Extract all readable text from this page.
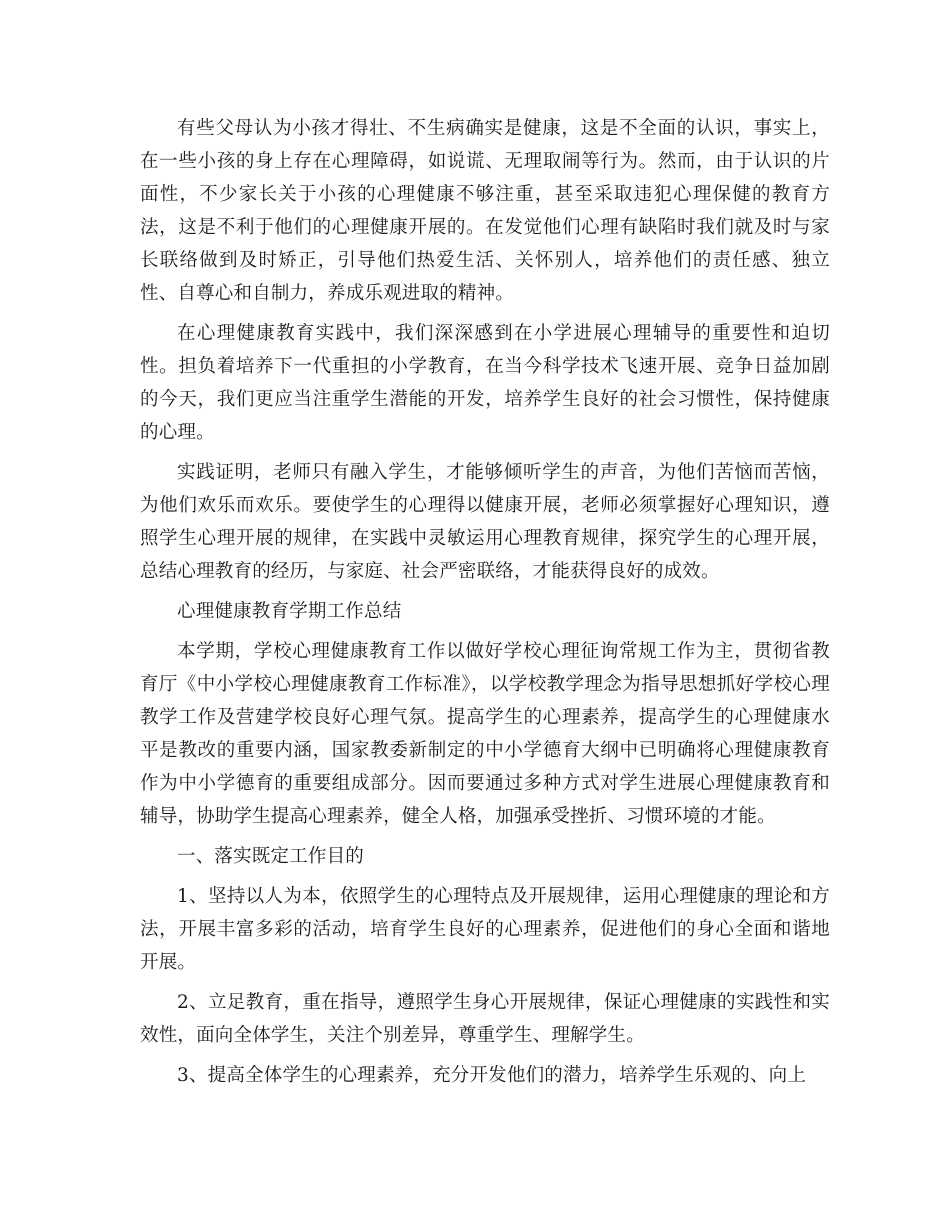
有些父母认为小孩才得壮、不生病确实是健康，这是不全面的认识，事实上，在一些小孩的身上存在心理障碍，如说谎、无理取闹等行为。然而，由于认识的片面性，不少家长关于小孩的心理健康不够注重，甚至采取违犯心理保健的教育方法，这是不利于他们的心理健康开展的。在发觉他们心理有缺陷时我们就及时与家长联络做到及时矫正，引导他们热爱生活、关怀别人，培养他们的责任感、独立性、自尊心和自制力，养成乐观进取的精神。

在心理健康教育实践中，我们深深感到在小学进展心理辅导的重要性和迫切性。担负着培养下一代重担的小学教育，在当今科学技术飞速开展、竞争日益加剧的今天，我们更应当注重学生潜能的开发，培养学生良好的社会习惯性，保持健康的心理。

实践证明，老师只有融入学生，才能够倾听学生的声音，为他们苦恼而苦恼，为他们欢乐而欢乐。要使学生的心理得以健康开展，老师必须掌握好心理知识，遵照学生心理开展的规律，在实践中灵敏运用心理教育规律，探究学生的心理开展，总结心理教育的经历，与家庭、社会严密联络，才能获得良好的成效。

心理健康教育学期工作总结

本学期，学校心理健康教育工作以做好学校心理征询常规工作为主，贯彻省教育厅《中小学校心理健康教育工作标准》，以学校教学理念为指导思想抓好学校心理教学工作及营建学校良好心理气氛。提高学生的心理素养，提高学生的心理健康水平是教改的重要内涵，国家教委新制定的中小学德育大纲中已明确将心理健康教育作为中小学德育的重要组成部分。因而要通过多种方式对学生进展心理健康教育和辅导，协助学生提高心理素养，健全人格，加强承受挫折、习惯环境的才能。

一、落实既定工作目的

1、坚持以人为本，依照学生的心理特点及开展规律，运用心理健康的理论和方法，开展丰富多彩的活动，培育学生良好的心理素养，促进他们的身心全面和谐地开展。

2、立足教育，重在指导，遵照学生身心开展规律，保证心理健康的实践性和实效性，面向全体学生，关注个别差异，尊重学生、理解学生。

3、提高全体学生的心理素养，充分开发他们的潜力，培养学生乐观的、向上
